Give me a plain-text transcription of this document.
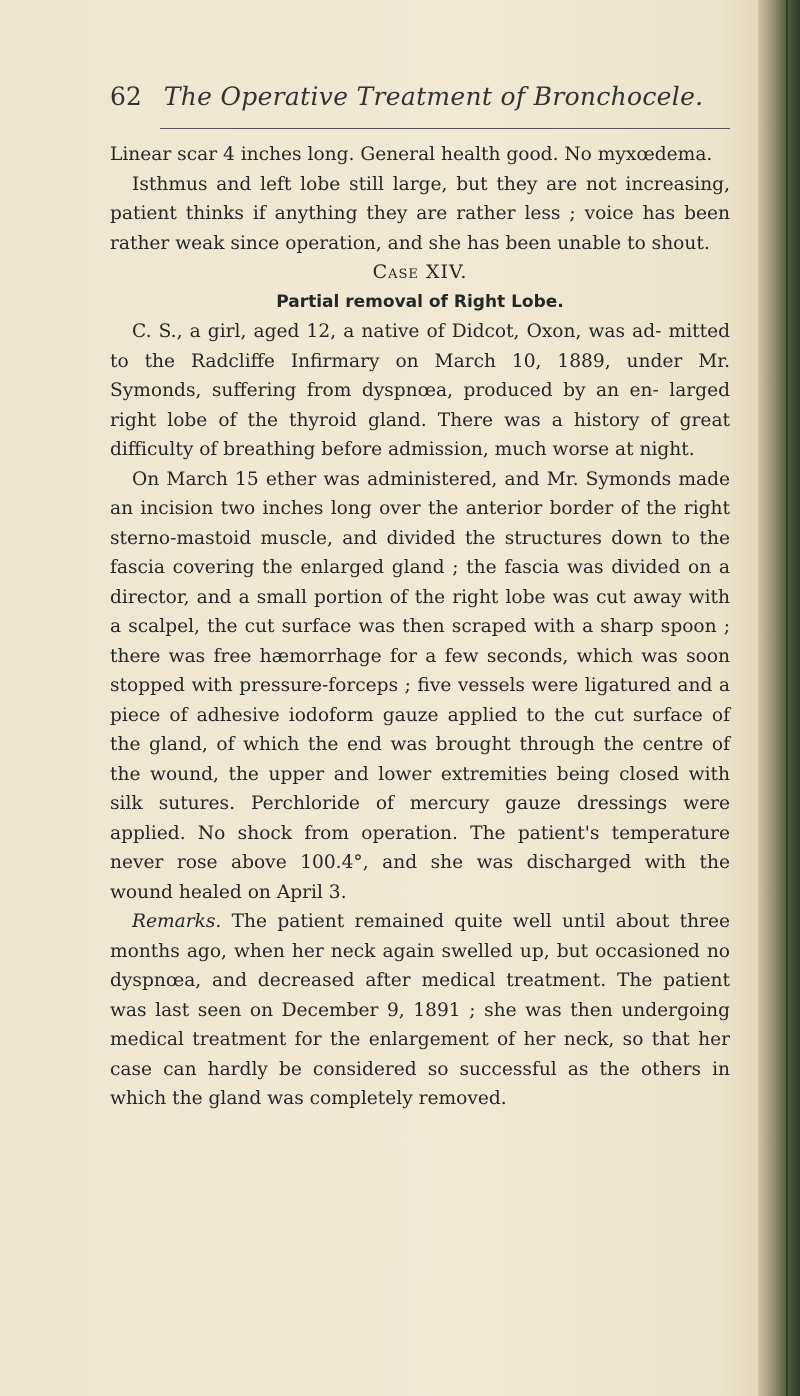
62 The Operative Treatment of Bronchocele.

Linear scar 4 inches long. General health good. No myxœdema.

Isthmus and left lobe still large, but they are not increasing, patient thinks if anything they are rather less ; voice has been rather weak since operation, and she has been unable to shout.

Case XIV.

Partial removal of Right Lobe.

C. S., a girl, aged 12, a native of Didcot, Oxon, was ad- mitted to the Radcliffe Infirmary on March 10, 1889, under Mr. Symonds, suffering from dyspnœa, produced by an en- larged right lobe of the thyroid gland. There was a history of great difficulty of breathing before admission, much worse at night.

On March 15 ether was administered, and Mr. Symonds made an incision two inches long over the anterior border of the right sterno-mastoid muscle, and divided the structures down to the fascia covering the enlarged gland ; the fascia was divided on a director, and a small portion of the right lobe was cut away with a scalpel, the cut surface was then scraped with a sharp spoon ; there was free hæmorrhage for a few seconds, which was soon stopped with pressure-forceps ; five vessels were ligatured and a piece of adhesive iodoform gauze applied to the cut surface of the gland, of which the end was brought through the centre of the wound, the upper and lower extremities being closed with silk sutures. Perchloride of mercury gauze dressings were applied. No shock from operation. The patient's temperature never rose above 100.4°, and she was discharged with the wound healed on April 3.

Remarks. The patient remained quite well until about three months ago, when her neck again swelled up, but occasioned no dyspnœa, and decreased after medical treatment. The patient was last seen on December 9, 1891 ; she was then undergoing medical treatment for the enlargement of her neck, so that her case can hardly be considered so successful as the others in which the gland was completely removed.
